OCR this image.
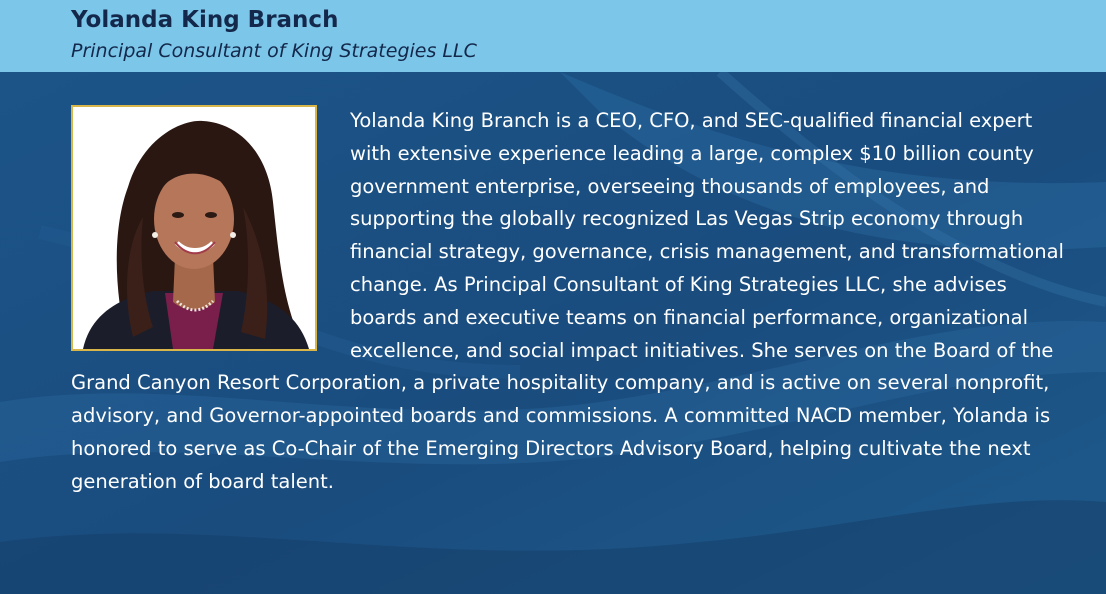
Yolanda King Branch
Principal Consultant of King Strategies LLC

Yolanda King Branch is a CEO, CFO, and SEC-qualified financial expert with extensive experience leading a large, complex $10 billion county government enterprise, overseeing thousands of employees, and supporting the globally recognized Las Vegas Strip economy through financial strategy, governance, crisis management, and transformational change. As Principal Consultant of King Strategies LLC, she advises boards and executive teams on financial performance, organizational excellence, and social impact initiatives. She serves on the Board of the Grand Canyon Resort Corporation, a private hospitality company, and is active on several nonprofit, advisory, and Governor-appointed boards and commissions. A committed NACD member, Yolanda is honored to serve as Co-Chair of the Emerging Directors Advisory Board, helping cultivate the next generation of board talent.
